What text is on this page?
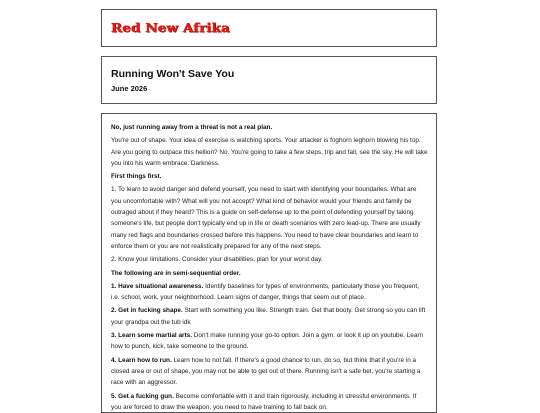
Red New Afrika
Running Won't Save You
June 2026

No, just running away from a threat is not a real plan.

You're out of shape. Your idea of exercise is watching sports. Your attacker is foghorn leghorn blowing his top. Are you going to outpace this hellion? No. You're going to take a few steps, trip and fall, see the sky. He will take you into his warm embrace. Darkness.

First things first.

1. To learn to avoid danger and defend yourself, you need to start with identifying your boundaries. What are you uncomfortable with? What will you not accept? What kind of behavior would your friends and family be outraged about if they heard? This is a guide on self-defense up to the point of defending yourself by taking someone's life, but people don't typically end up in life or death scenarios with zero lead-up. There are usually many red flags and boundaries crossed before this happens. You need to have clear boundaries and learn to enforce them or you are not realistically prepared for any of the next steps.

2. Know your limitations. Consider your disabilities, plan for your worst day.

The following are in semi-sequential order.

1. Have situational awareness. Identify baselines for types of environments, particularly those you frequent, i.e. school, work, your neighborhood. Learn signs of danger, things that seem out of place.

2. Get in fucking shape. Start with something you like. Strength train. Get that booty. Get strong so you can lift your grandpa out the tub idk

3. Learn some martial arts. Don't make running your go-to option. Join a gym. or look it up on youtube. Learn how to punch, kick, take someone to the ground.

4. Learn how to run. Learn how to not fall. If there's a good chance to run, do so, but think that if you're in a closed area or out of shape, you may not be able to get out of there. Running isn't a safe bet, you're starting a race with an aggressor.

5. Get a fucking gun. Become comfortable with it and train rigorously, including in stressful environments. If you are forced to draw the weapon, you need to have training to fall back on.
